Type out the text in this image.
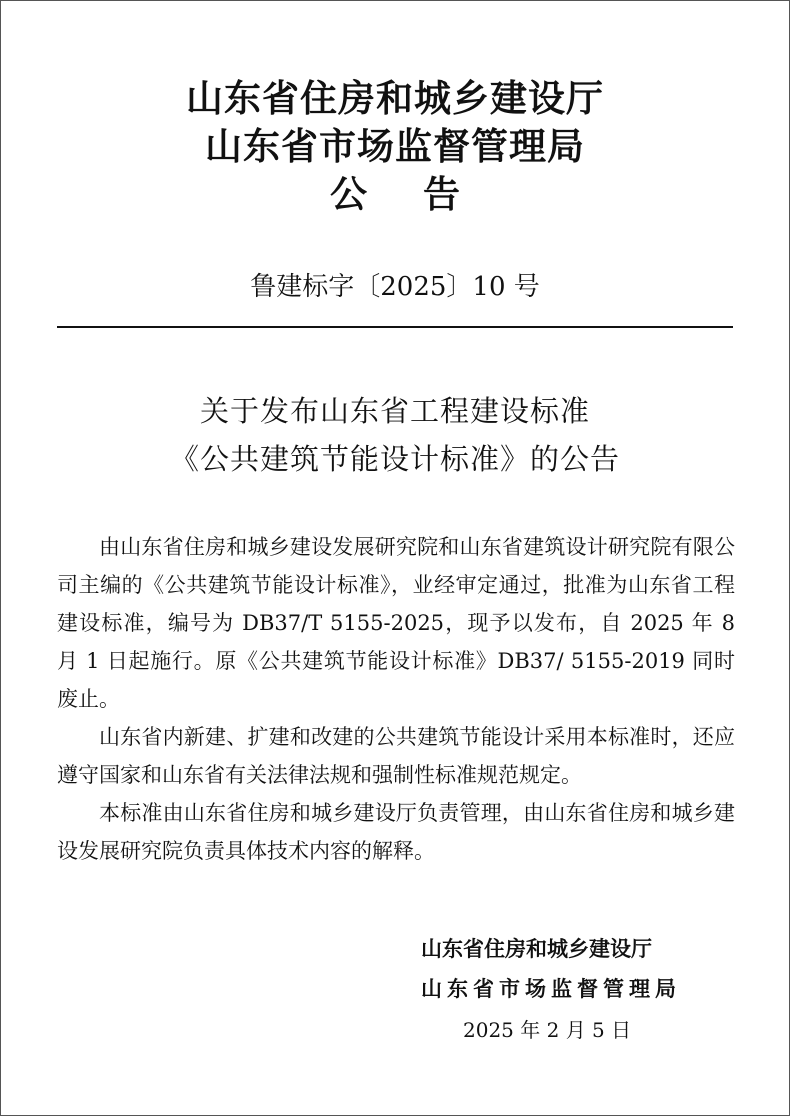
山东省住房和城乡建设厅
山东省市场监督管理局
公 告
鲁建标字〔2025〕10 号
关于发布山东省工程建设标准
《公共建筑节能设计标准》的公告

由山东省住房和城乡建设发展研究院和山东省建筑设计研究院有限公司主编的《公共建筑节能设计标准》，业经审定通过，批准为山东省工程建设标准，编号为 DB37/T 5155-2025，现予以发布，自 2025 年 8 月 1 日起施行。原《公共建筑节能设计标准》DB37/ 5155-2019 同时废止。

山东省内新建、扩建和改建的公共建筑节能设计采用本标准时，还应遵守国家和山东省有关法律法规和强制性标准规范规定。

本标准由山东省住房和城乡建设厅负责管理，由山东省住房和城乡建设发展研究院负责具体技术内容的解释。

山东省住房和城乡建设厅
山东省市场监督管理局
2025 年 2 月 5 日
